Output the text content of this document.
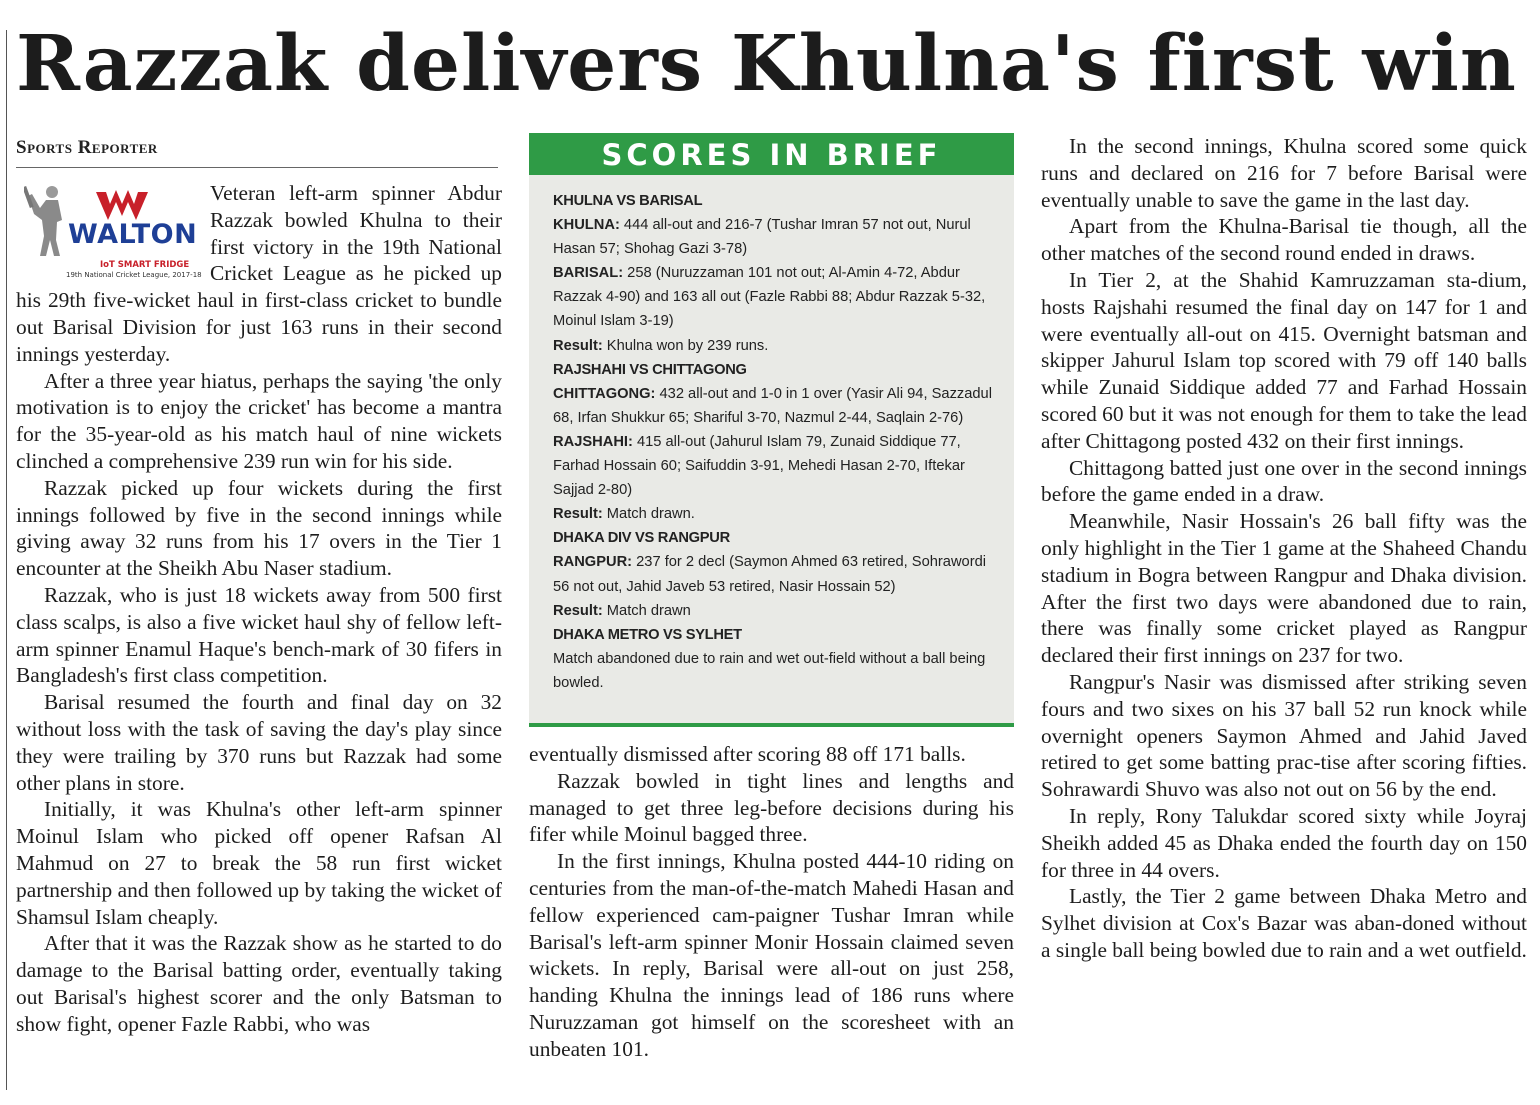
Razzak delivers Khulna's first win
Sports Reporter
WALTON
IoT SMART FRIDGE
19th National Cricket League, 2017-18

Veteran left-arm spinner Abdur Razzak bowled Khulna to their first victory in the 19th National Cricket League as he picked up his 29th five-wicket haul in first-class cricket to bundle out Barisal Division for just 163 runs in their second innings yesterday.

After a three year hiatus, perhaps the saying 'the only motivation is to enjoy the cricket' has become a mantra for the 35-year-old as his match haul of nine wickets clinched a comprehensive 239 run win for his side.

Razzak picked up four wickets during the first innings followed by five in the second innings while giving away 32 runs from his 17 overs in the Tier 1 encounter at the Sheikh Abu Naser stadium.

Razzak, who is just 18 wickets away from 500 first class scalps, is also a five wicket haul shy of fellow left-arm spinner Enamul Haque's bench-mark of 30 fifers in Bangladesh's first class competition.

Barisal resumed the fourth and final day on 32 without loss with the task of saving the day's play since they were trailing by 370 runs but Razzak had some other plans in store.

Initially, it was Khulna's other left-arm spinner Moinul Islam who picked off opener Rafsan Al Mahmud on 27 to break the 58 run first wicket partnership and then followed up by taking the wicket of Shamsul Islam cheaply.

After that it was the Razzak show as he started to do damage to the Barisal batting order, eventually taking out Barisal's highest scorer and the only Batsman to show fight, opener Fazle Rabbi, who was

SCORES IN BRIEF
KHULNA VS BARISAL
KHULNA: 444 all-out and 216-7 (Tushar Imran 57 not out, Nurul Hasan 57; Shohag Gazi 3-78)
BARISAL: 258 (Nuruzzaman 101 not out; Al-Amin 4-72, Abdur Razzak 4-90) and 163 all out (Fazle Rabbi 88; Abdur Razzak 5-32, Moinul Islam 3-19)
Result: Khulna won by 239 runs.
RAJSHAHI VS CHITTAGONG
CHITTAGONG: 432 all-out and 1-0 in 1 over (Yasir Ali 94, Sazzadul 68, Irfan Shukkur 65; Shariful 3-70, Nazmul 2-44, Saqlain 2-76)
RAJSHAHI: 415 all-out (Jahurul Islam 79, Zunaid Siddique 77, Farhad Hossain 60; Saifuddin 3-91, Mehedi Hasan 2-70, Iftekar Sajjad 2-80)
Result: Match drawn.
DHAKA DIV VS RANGPUR
RANGPUR: 237 for 2 decl (Saymon Ahmed 63 retired, Sohrawordi 56 not out, Jahid Javeb 53 retired, Nasir Hossain 52)
Result: Match drawn
DHAKA METRO VS SYLHET
Match abandoned due to rain and wet out-field without a ball being bowled.

eventually dismissed after scoring 88 off 171 balls.

Razzak bowled in tight lines and lengths and managed to get three leg-before decisions during his fifer while Moinul bagged three.

In the first innings, Khulna posted 444-10 riding on centuries from the man-of-the-match Mahedi Hasan and fellow experienced cam-paigner Tushar Imran while Barisal's left-arm spinner Monir Hossain claimed seven wickets. In reply, Barisal were all-out on just 258, handing Khulna the innings lead of 186 runs where Nuruzzaman got himself on the scoresheet with an unbeaten 101.

In the second innings, Khulna scored some quick runs and declared on 216 for 7 before Barisal were eventually unable to save the game in the last day.

Apart from the Khulna-Barisal tie though, all the other matches of the second round ended in draws.

In Tier 2, at the Shahid Kamruzzaman sta-dium, hosts Rajshahi resumed the final day on 147 for 1 and were eventually all-out on 415. Overnight batsman and skipper Jahurul Islam top scored with 79 off 140 balls while Zunaid Siddique added 77 and Farhad Hossain scored 60 but it was not enough for them to take the lead after Chittagong posted 432 on their first innings.

Chittagong batted just one over in the second innings before the game ended in a draw.

Meanwhile, Nasir Hossain's 26 ball fifty was the only highlight in the Tier 1 game at the Shaheed Chandu stadium in Bogra between Rangpur and Dhaka division. After the first two days were abandoned due to rain, there was finally some cricket played as Rangpur declared their first innings on 237 for two.

Rangpur's Nasir was dismissed after striking seven fours and two sixes on his 37 ball 52 run knock while overnight openers Saymon Ahmed and Jahid Javed retired to get some batting prac-tise after scoring fifties. Sohrawardi Shuvo was also not out on 56 by the end.

In reply, Rony Talukdar scored sixty while Joyraj Sheikh added 45 as Dhaka ended the fourth day on 150 for three in 44 overs.

Lastly, the Tier 2 game between Dhaka Metro and Sylhet division at Cox's Bazar was aban-doned without a single ball being bowled due to rain and a wet outfield.
